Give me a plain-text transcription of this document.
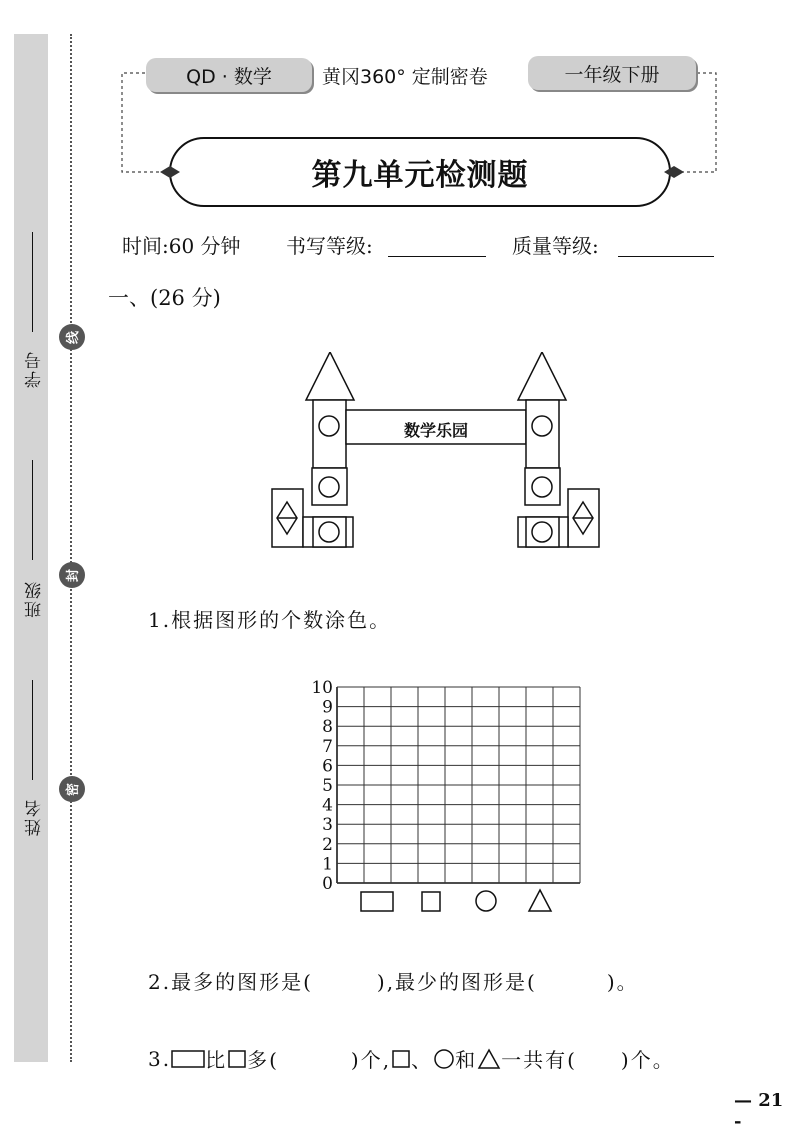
学号
班级
姓名
线
封
密
QD · 数学	黄冈360° 定制密卷	一年级下册
第九单元检测题
时间:60 分钟 书写等级:	质量等级:
一、(26 分)
数学乐园
1.根据图形的个数涂色。
0
1
2
3
4
5
6
7
8
9
10
2.最多的图形是(	),最少的图形是(	)。
3. 比 多(	)个, 、 和 一共有( )个。
— 21 -
